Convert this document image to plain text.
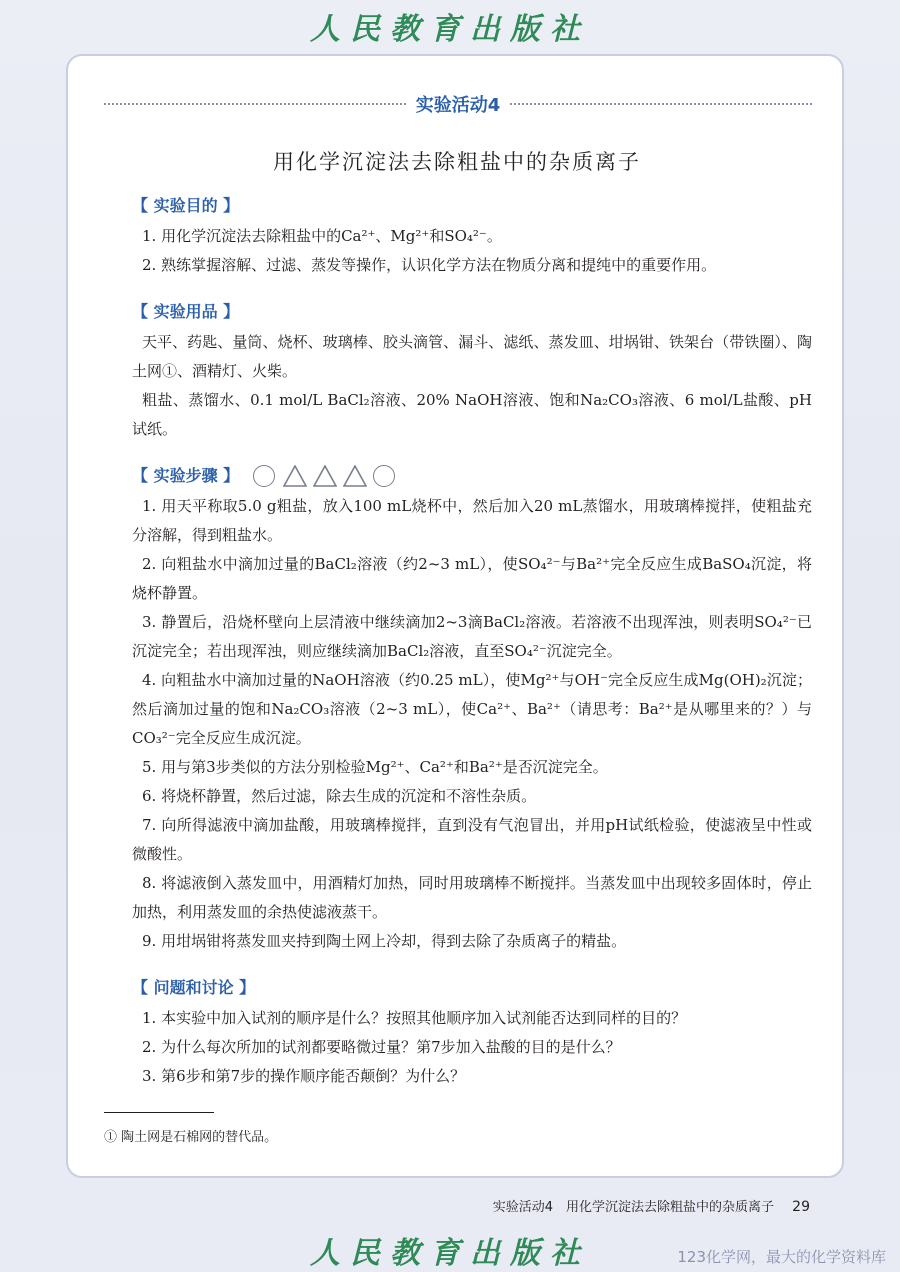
人民教育出版社
实验活动4
用化学沉淀法去除粗盐中的杂质离子
【 实验目的 】
1. 用化学沉淀法去除粗盐中的Ca²⁺、Mg²⁺和SO₄²⁻。
2. 熟练掌握溶解、过滤、蒸发等操作，认识化学方法在物质分离和提纯中的重要作用。
【 实验用品 】
天平、药匙、量筒、烧杯、玻璃棒、胶头滴管、漏斗、滤纸、蒸发皿、坩埚钳、铁架台（带铁圈）、陶土网①、酒精灯、火柴。
粗盐、蒸馏水、0.1 mol/L BaCl₂溶液、20% NaOH溶液、饱和Na₂CO₃溶液、6 mol/L盐酸、pH试纸。
【 实验步骤 】
1. 用天平称取5.0 g粗盐，放入100 mL烧杯中，然后加入20 mL蒸馏水，用玻璃棒搅拌，使粗盐充分溶解，得到粗盐水。
2. 向粗盐水中滴加过量的BaCl₂溶液（约2~3 mL），使SO₄²⁻与Ba²⁺完全反应生成BaSO₄沉淀，将烧杯静置。
3. 静置后，沿烧杯壁向上层清液中继续滴加2~3滴BaCl₂溶液。若溶液不出现浑浊，则表明SO₄²⁻已沉淀完全；若出现浑浊，则应继续滴加BaCl₂溶液，直至SO₄²⁻沉淀完全。
4. 向粗盐水中滴加过量的NaOH溶液（约0.25 mL），使Mg²⁺与OH⁻完全反应生成Mg(OH)₂沉淀；然后滴加过量的饱和Na₂CO₃溶液（2~3 mL），使Ca²⁺、Ba²⁺（请思考：Ba²⁺是从哪里来的？）与CO₃²⁻完全反应生成沉淀。
5. 用与第3步类似的方法分别检验Mg²⁺、Ca²⁺和Ba²⁺是否沉淀完全。
6. 将烧杯静置，然后过滤，除去生成的沉淀和不溶性杂质。
7. 向所得滤液中滴加盐酸，用玻璃棒搅拌，直到没有气泡冒出，并用pH试纸检验，使滤液呈中性或微酸性。
8. 将滤液倒入蒸发皿中，用酒精灯加热，同时用玻璃棒不断搅拌。当蒸发皿中出现较多固体时，停止加热，利用蒸发皿的余热使滤液蒸干。
9. 用坩埚钳将蒸发皿夹持到陶土网上冷却，得到去除了杂质离子的精盐。
【 问题和讨论 】
1. 本实验中加入试剂的顺序是什么？按照其他顺序加入试剂能否达到同样的目的？
2. 为什么每次所加的试剂都要略微过量？第7步加入盐酸的目的是什么？
3. 第6步和第7步的操作顺序能否颠倒？为什么？
① 陶土网是石棉网的替代品。
实验活动4　用化学沉淀法去除粗盐中的杂质离子 29
人民教育出版社	123化学网，最大的化学资料库
